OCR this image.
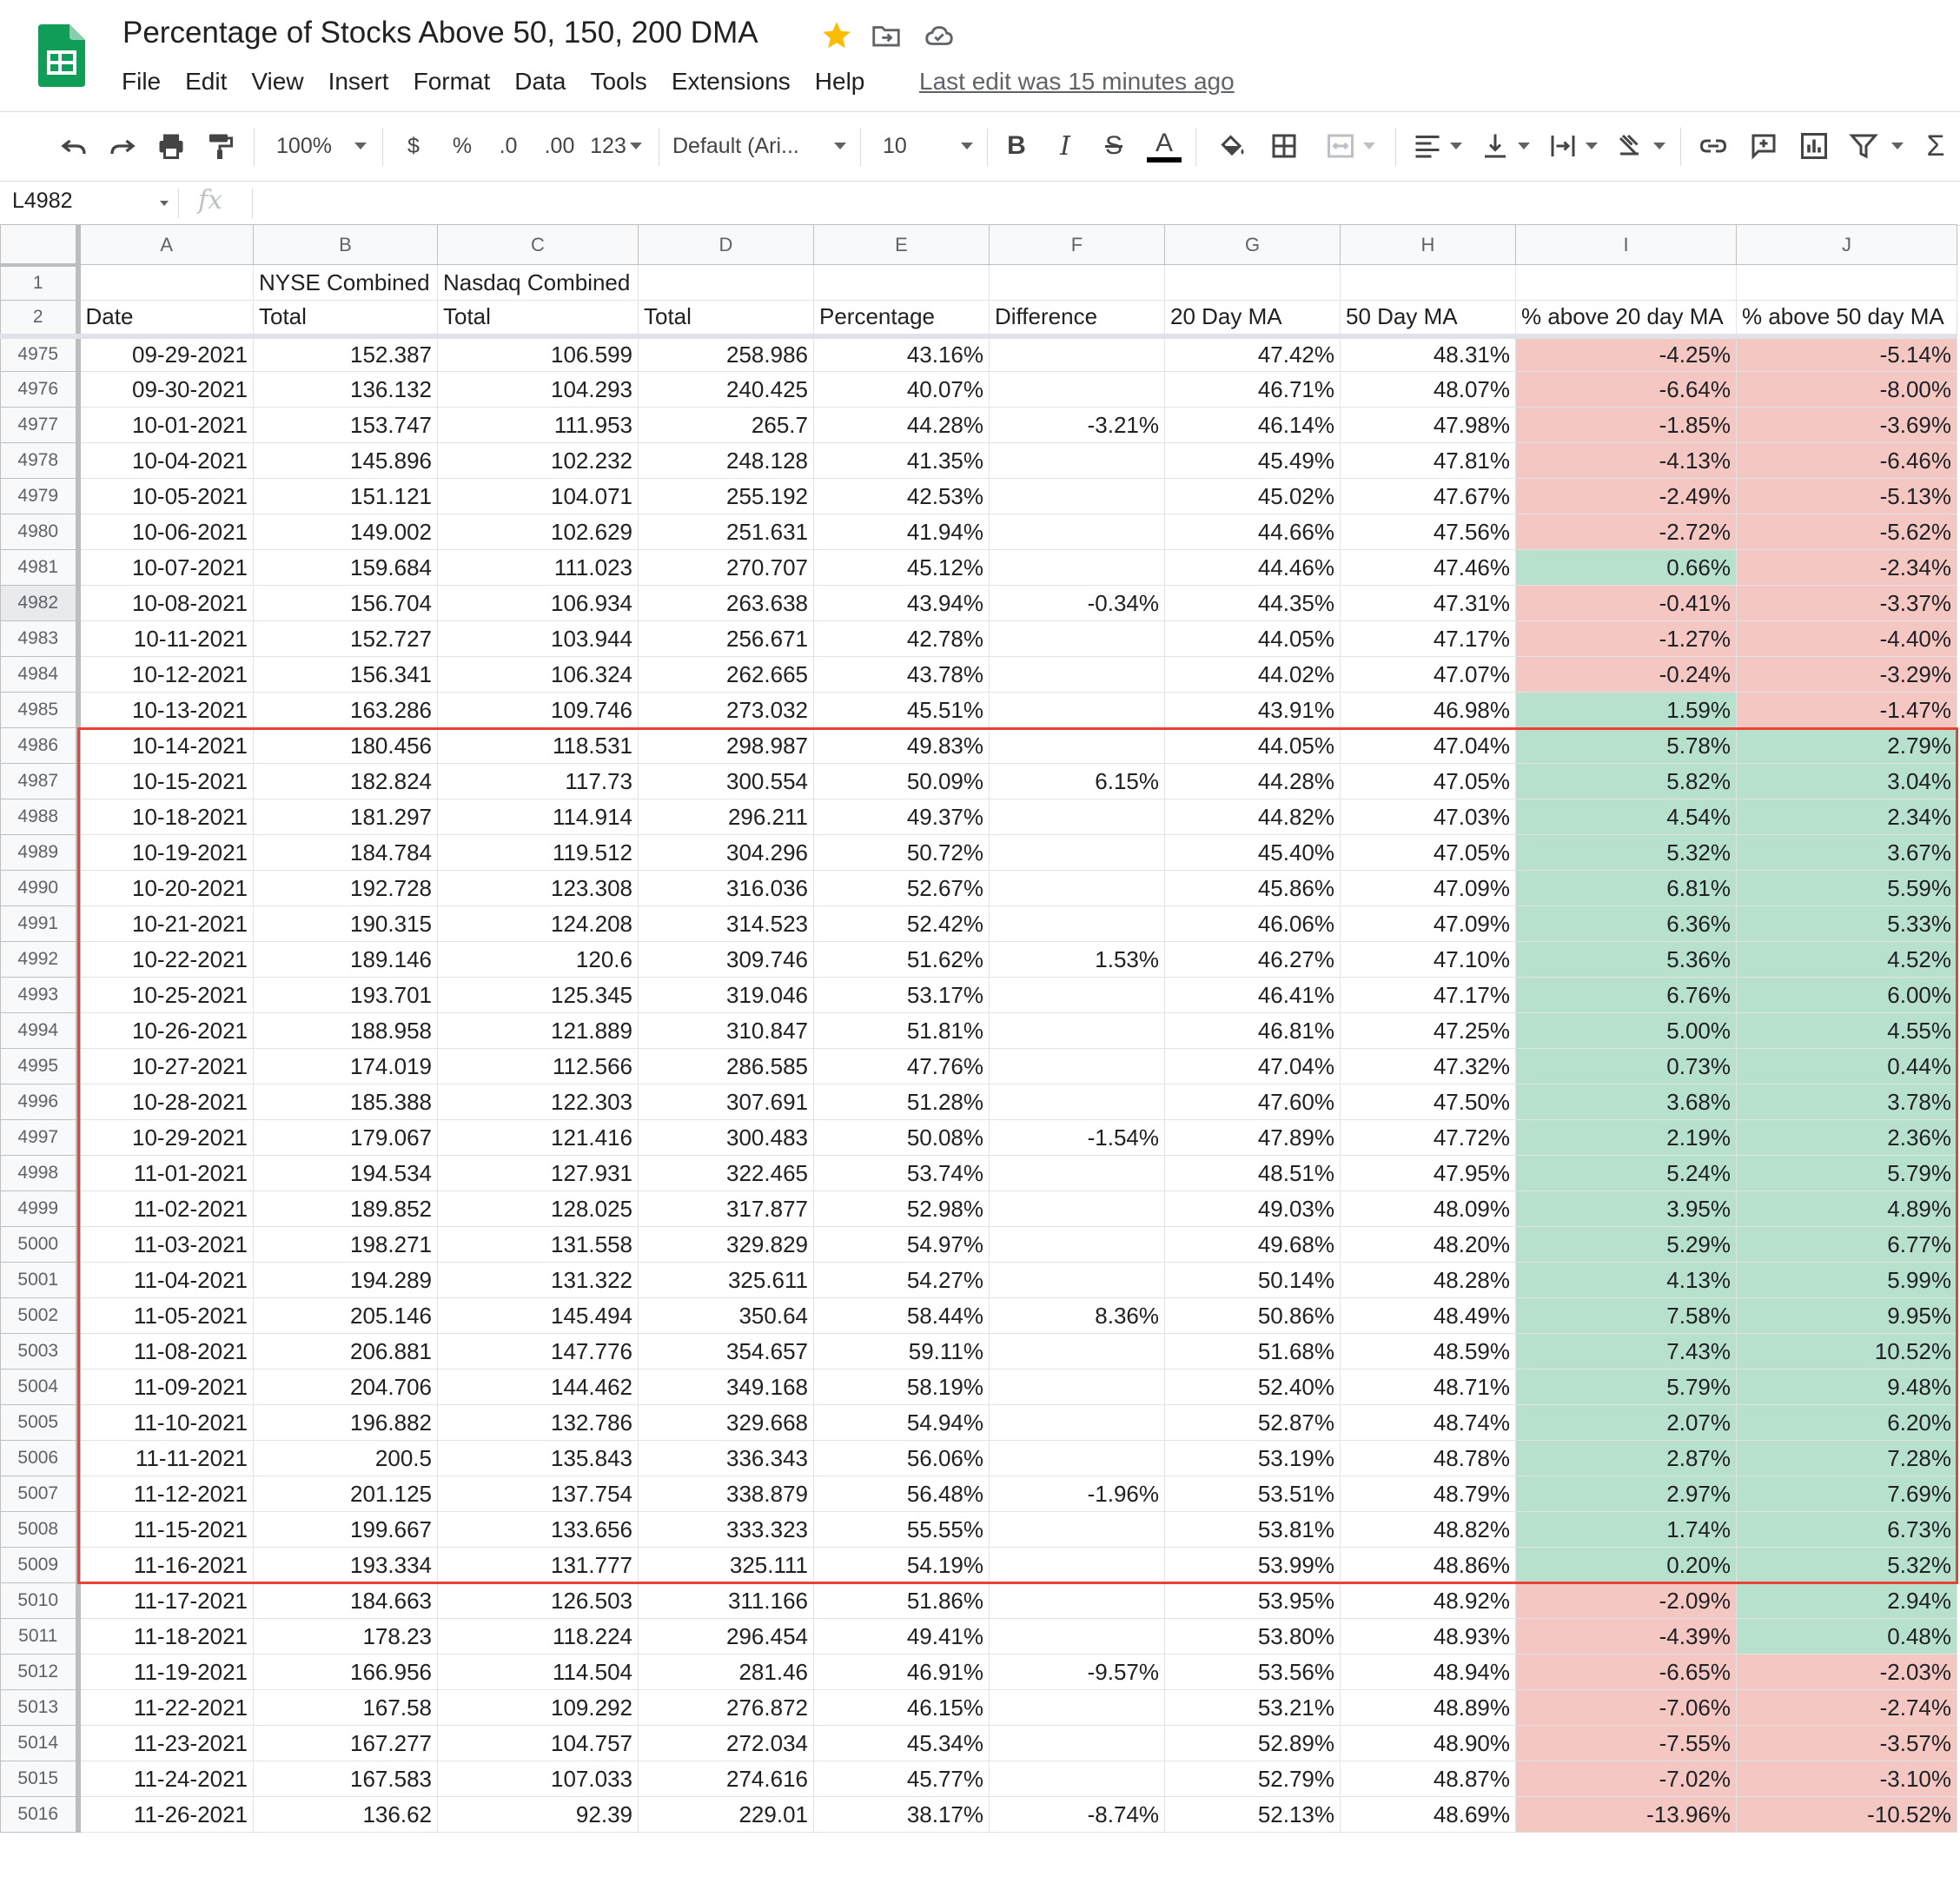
Percentage of Stocks Above 50, 150, 200 DMA
File Edit View Insert Format Data Tools Extensions Help	Last edit was 15 minutes ago
100%	$	%	.0 .00 123 Default (Ari...	10	B	I	S	A	Σ
L4982	fx
	A	B	C	D	E	F	G	H	I	J
1		NYSE Combined	Nasdaq Combined							
2	Date	Total	Total	Total	Percentage	Difference	20 Day MA	50 Day MA	% above 20 day MA	% above 50 day MA
4975	09-29-2021	152.387	106.599	258.986	43.16%		47.42%	48.31%	-4.25%	-5.14%
4976	09-30-2021	136.132	104.293	240.425	40.07%		46.71%	48.07%	-6.64%	-8.00%
4977	10-01-2021	153.747	111.953	265.7	44.28%	-3.21%	46.14%	47.98%	-1.85%	-3.69%
4978	10-04-2021	145.896	102.232	248.128	41.35%		45.49%	47.81%	-4.13%	-6.46%
4979	10-05-2021	151.121	104.071	255.192	42.53%		45.02%	47.67%	-2.49%	-5.13%
4980	10-06-2021	149.002	102.629	251.631	41.94%		44.66%	47.56%	-2.72%	-5.62%
4981	10-07-2021	159.684	111.023	270.707	45.12%		44.46%	47.46%	0.66%	-2.34%
4982	10-08-2021	156.704	106.934	263.638	43.94%	-0.34%	44.35%	47.31%	-0.41%	-3.37%
4983	10-11-2021	152.727	103.944	256.671	42.78%		44.05%	47.17%	-1.27%	-4.40%
4984	10-12-2021	156.341	106.324	262.665	43.78%		44.02%	47.07%	-0.24%	-3.29%
4985	10-13-2021	163.286	109.746	273.032	45.51%		43.91%	46.98%	1.59%	-1.47%
4986	10-14-2021	180.456	118.531	298.987	49.83%		44.05%	47.04%	5.78%	2.79%
4987	10-15-2021	182.824	117.73	300.554	50.09%	6.15%	44.28%	47.05%	5.82%	3.04%
4988	10-18-2021	181.297	114.914	296.211	49.37%		44.82%	47.03%	4.54%	2.34%
4989	10-19-2021	184.784	119.512	304.296	50.72%		45.40%	47.05%	5.32%	3.67%
4990	10-20-2021	192.728	123.308	316.036	52.67%		45.86%	47.09%	6.81%	5.59%
4991	10-21-2021	190.315	124.208	314.523	52.42%		46.06%	47.09%	6.36%	5.33%
4992	10-22-2021	189.146	120.6	309.746	51.62%	1.53%	46.27%	47.10%	5.36%	4.52%
4993	10-25-2021	193.701	125.345	319.046	53.17%		46.41%	47.17%	6.76%	6.00%
4994	10-26-2021	188.958	121.889	310.847	51.81%		46.81%	47.25%	5.00%	4.55%
4995	10-27-2021	174.019	112.566	286.585	47.76%		47.04%	47.32%	0.73%	0.44%
4996	10-28-2021	185.388	122.303	307.691	51.28%		47.60%	47.50%	3.68%	3.78%
4997	10-29-2021	179.067	121.416	300.483	50.08%	-1.54%	47.89%	47.72%	2.19%	2.36%
4998	11-01-2021	194.534	127.931	322.465	53.74%		48.51%	47.95%	5.24%	5.79%
4999	11-02-2021	189.852	128.025	317.877	52.98%		49.03%	48.09%	3.95%	4.89%
5000	11-03-2021	198.271	131.558	329.829	54.97%		49.68%	48.20%	5.29%	6.77%
5001	11-04-2021	194.289	131.322	325.611	54.27%		50.14%	48.28%	4.13%	5.99%
5002	11-05-2021	205.146	145.494	350.64	58.44%	8.36%	50.86%	48.49%	7.58%	9.95%
5003	11-08-2021	206.881	147.776	354.657	59.11%		51.68%	48.59%	7.43%	10.52%
5004	11-09-2021	204.706	144.462	349.168	58.19%		52.40%	48.71%	5.79%	9.48%
5005	11-10-2021	196.882	132.786	329.668	54.94%		52.87%	48.74%	2.07%	6.20%
5006	11-11-2021	200.5	135.843	336.343	56.06%		53.19%	48.78%	2.87%	7.28%
5007	11-12-2021	201.125	137.754	338.879	56.48%	-1.96%	53.51%	48.79%	2.97%	7.69%
5008	11-15-2021	199.667	133.656	333.323	55.55%		53.81%	48.82%	1.74%	6.73%
5009	11-16-2021	193.334	131.777	325.111	54.19%		53.99%	48.86%	0.20%	5.32%
5010	11-17-2021	184.663	126.503	311.166	51.86%		53.95%	48.92%	-2.09%	2.94%
5011	11-18-2021	178.23	118.224	296.454	49.41%		53.80%	48.93%	-4.39%	0.48%
5012	11-19-2021	166.956	114.504	281.46	46.91%	-9.57%	53.56%	48.94%	-6.65%	-2.03%
5013	11-22-2021	167.58	109.292	276.872	46.15%		53.21%	48.89%	-7.06%	-2.74%
5014	11-23-2021	167.277	104.757	272.034	45.34%		52.89%	48.90%	-7.55%	-3.57%
5015	11-24-2021	167.583	107.033	274.616	45.77%		52.79%	48.87%	-7.02%	-3.10%
5016	11-26-2021	136.62	92.39	229.01	38.17%	-8.74%	52.13%	48.69%	-13.96%	-10.52%
